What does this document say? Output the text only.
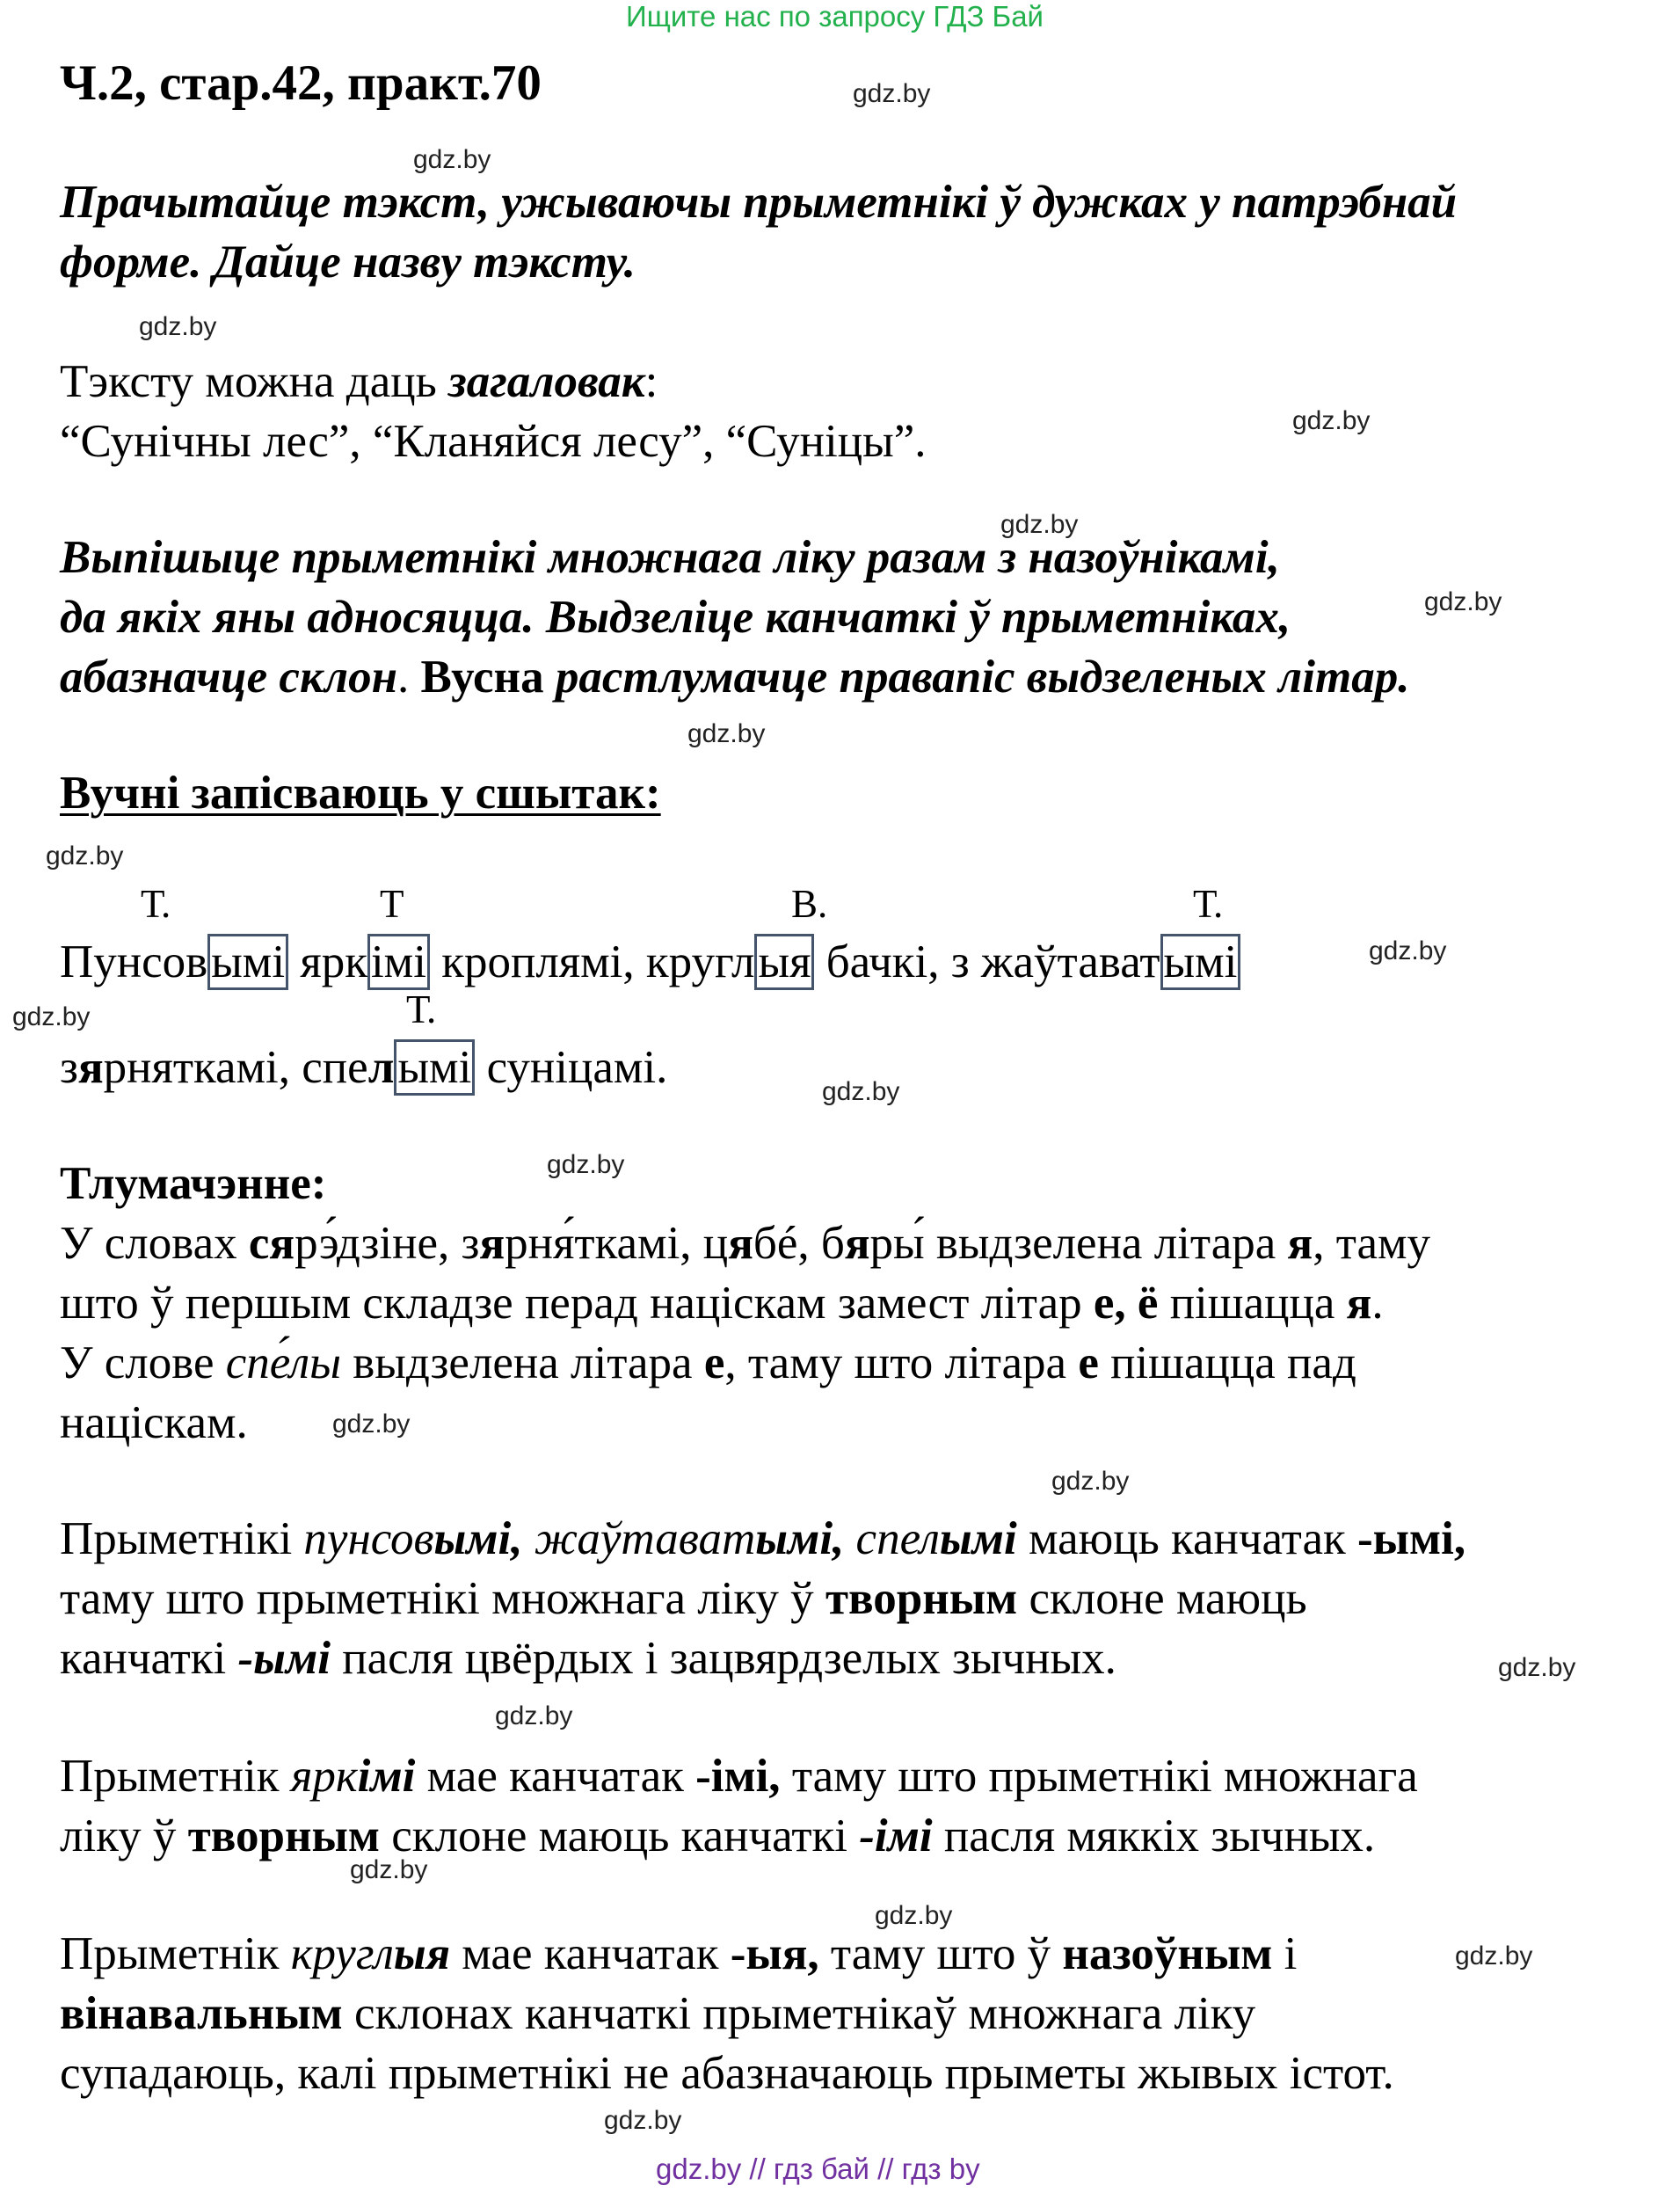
Ищите нас по запросу ГДЗ Бай
Ч.2, стар.42, практ.70	gdz.by
gdz.by
gdz.by
gdz.by
gdz.by
gdz.by
gdz.by
gdz.by
gdz.by
gdz.by
gdz.by
gdz.by
gdz.by
gdz.by
gdz.by
gdz.by
gdz.by
gdz.by
gdz.by
gdz.by
Прачытайце тэкст, ужываючы прыметнікі ў дужках у патрэбнай
форме. Дайце назву тэксту.
Тэксту можна даць загаловак:
“Сунічны лес”, “Кланяйся лесу”, “Суніцы”.
Выпішыце прыметнікі множнага ліку разам з назоўнікамі,
да якіх яны адносяцца. Выдзеліце канчаткі ў прыметніках,
абазначце склон. Вусна растлумачце правапіс выдзеленых літар.
Вучні запісваюць у сшытак:
Т.	Т	В.	Т.
Т.
Пунсовымі яркімі кроплямі, круглыя бачкі, з жаўтаватымі
зярняткамі, спелымі суніцамі.
Тлумачэнне:
У словах сярэ́дзіне, зярня́ткамі, цябé, бяры́ выдзелена літара я, таму
што ў першым складзе перад націскам замест літар е, ё пішацца я.
У слове спе́лы выдзелена літара е, таму што літара е пішацца пад
націскам.
Прыметнікі пунсовымі, жаўтаватымі, спелымі маюць канчатак -ымі,
таму што прыметнікі множнага ліку ў творным склоне маюць
канчаткі -ымі пасля цвёрдых і зацвярдзелых зычных.
Прыметнік яркімі мае канчатак -імі, таму што прыметнікі множнага
ліку ў творным склоне маюць канчаткі -імі пасля мяккіх зычных.
Прыметнік круглыя мае канчатак -ыя, таму што ў назоўным і
вінавальным склонах канчаткі прыметнікаў множнага ліку
супадаюць, калі прыметнікі не абазначаюць прыметы жывых істот.
gdz.by // гдз бай // гдз by
